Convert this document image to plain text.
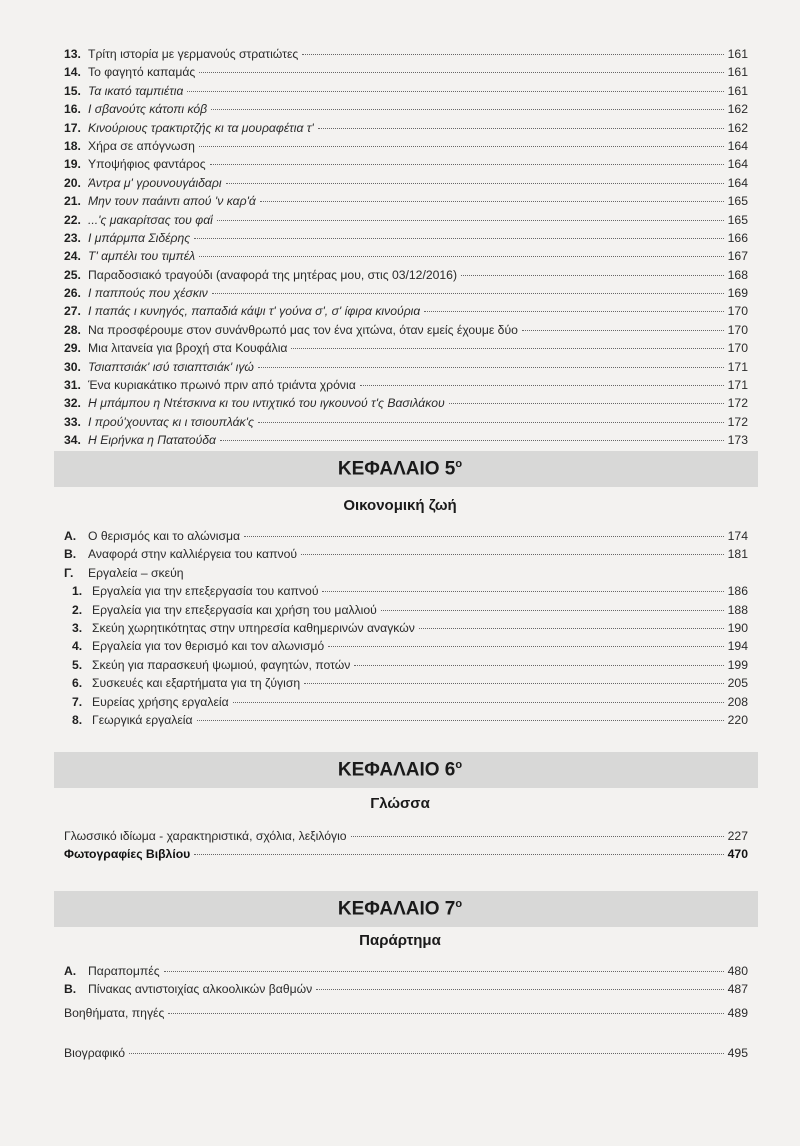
13. Τρίτη ιστορία με γερμανούς στρατιώτες	161
14. Το φαγητό καπαμάς	161
15. Τα ικατό ταμπιέτια	161
16. Ι σβανούτς κάτοπι κόβ	162
17. Κινούριους τρακτιρτζής κι τα μουραφέτια τ'	162
18. Χήρα σε απόγνωση	164
19. Υποψήφιος φαντάρος	164
20. Άντρα μ' γρουνουγάιδαρι	164
21. Μην τουν παάιντι απού 'ν καρ'ά	165
22. ...'ς μακαρίτσας του φαΐ	165
23. Ι μπάρμπα Σιδέρης	166
24. Τ' αμπέλι του τιμπέλ	167
25. Παραδοσιακό τραγούδι (αναφορά της μητέρας μου, στις 03/12/2016)	168
26. Ι παππούς που χέσκιν	169
27. Ι παπάς ι κυνηγός, παπαδιά κάψι τ' γούνα σ', σ' ίφιρα κινούρια	170
28. Να προσφέρουμε στον συνάνθρωπό μας τον ένα χιτώνα, όταν εμείς έχουμε δύο	170
29. Μια λιτανεία για βροχή στα Κουφάλια	170
30. Τσιαπτσιάκ' ισύ τσιαπτσιάκ' ιγώ	171
31. Ένα κυριακάτικο πρωινό πριν από τριάντα χρόνια	171
32. Η μπάμπου η Ντέτσκινα κι του ιντιχτικό του ιγκουνού τ'ς Βασιλάκου	172
33. Ι πρού'χουντας κι ι τσιουπλάκ'ς	172
34. Η Ειρήνκα η Πατατούδα	173
ΚΕΦΑΛΑΙΟ $5^o$
Οικονομική ζωή
Α. Ο θερισμός και το αλώνισμα	174
Β. Αναφορά στην καλλιέργεια του καπνού	181
Γ.	Εργαλεία – σκεύη
1. Εργαλεία για την επεξεργασία του καπνού	186
2. Εργαλεία για την επεξεργασία και χρήση του μαλλιού	188
3. Σκεύη χωρητικότητας στην υπηρεσία καθημερινών αναγκών	190
4. Εργαλεία για τον θερισμό και τον αλωνισμό	194
5. Σκεύη για παρασκευή ψωμιού, φαγητών, ποτών	199
6. Συσκευές και εξαρτήματα για τη ζύγιση	205
7. Ευρείας χρήσης εργαλεία	208
8. Γεωργικά εργαλεία	220
ΚΕΦΑΛΑΙΟ $6^o$
Γλώσσα
Γλωσσικό ιδίωμα - χαρακτηριστικά, σχόλια, λεξιλόγιο	227
Φωτογραφίες Βιβλίου	470
ΚΕΦΑΛΑΙΟ $7^o$
Παράρτημα
Α. Παραπομπές	480
Β. Πίνακας αντιστοιχίας αλκοολικών βαθμών	487
Βοηθήματα, πηγές	489
Βιογραφικό	495
